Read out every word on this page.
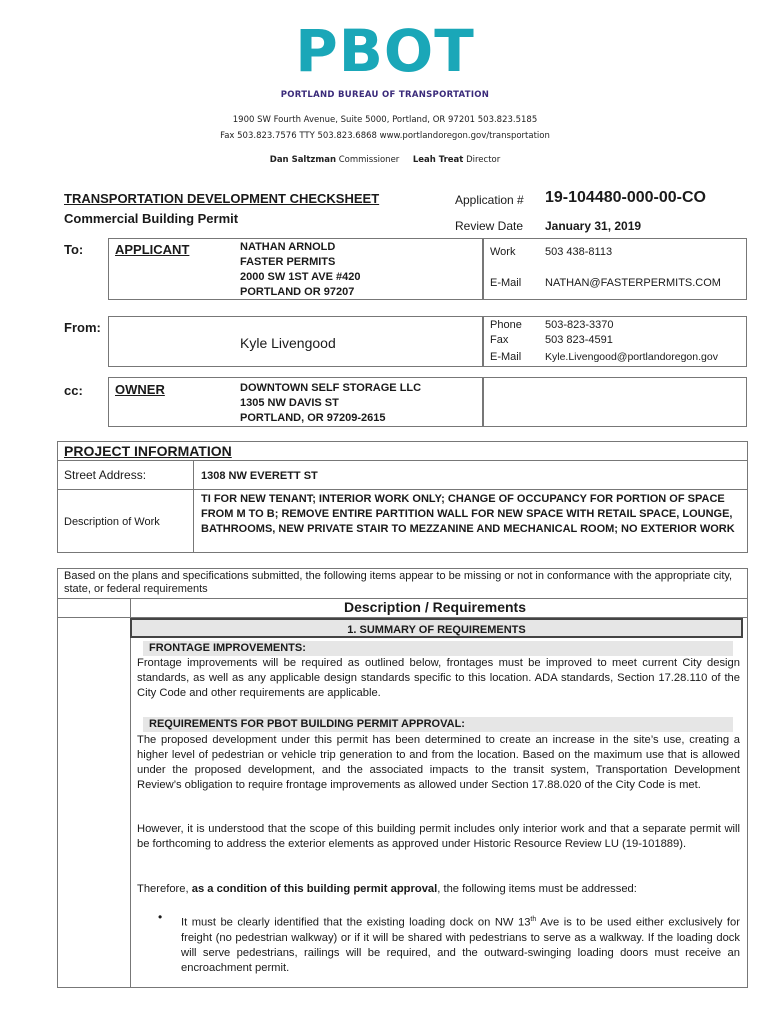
PBOT
PORTLAND BUREAU OF TRANSPORTATION
1900 SW Fourth Avenue, Suite 5000, Portland, OR 97201 503.823.5185
Fax 503.823.7576 TTY 503.823.6868 www.portlandoregon.gov/transportation
Dan Saltzman Commissioner Leah Treat Director
TRANSPORTATION DEVELOPMENT CHECKSHEET
Commercial Building Permit
Application # 19-104480-000-00-CO
Review Date January 31, 2019
To: APPLICANT	NATHAN ARNOLD
FASTER PERMITS
2000 SW 1ST AVE #420
PORTLAND OR 97207
Work	503 438-8113
E-Mail NATHAN@FASTERPERMITS.COM
From:
Kyle Livengood
Phone 503-823-3370
Fax	503 823-4591
E-Mail Kyle.Livengood@portlandoregon.gov
cc: OWNER	DOWNTOWN SELF STORAGE LLC
1305 NW DAVIS ST
PORTLAND, OR 97209-2615
PROJECT INFORMATION
Street Address:	1308 NW EVERETT ST
Description of Work
TI FOR NEW TENANT; INTERIOR WORK ONLY; CHANGE OF OCCUPANCY FOR PORTION OF SPACE FROM M TO B; REMOVE ENTIRE PARTITION WALL FOR NEW SPACE WITH RETAIL SPACE, LOUNGE, BATHROOMS, NEW PRIVATE STAIR TO MEZZANINE AND MECHANICAL ROOM; NO EXTERIOR WORK
Based on the plans and specifications submitted, the following items appear to be missing or not in conformance with the appropriate city, state, or federal requirements
Description / Requirements
1. SUMMARY OF REQUIREMENTS
FRONTAGE IMPROVEMENTS:
Frontage improvements will be required as outlined below, frontages must be improved to meet current City design standards, as well as any applicable design standards specific to this location. ADA standards, Section 17.28.110 of the City Code and other requirements are applicable.
REQUIREMENTS FOR PBOT BUILDING PERMIT APPROVAL:
The proposed development under this permit has been determined to create an increase in the site’s use, creating a higher level of pedestrian or vehicle trip generation to and from the location. Based on the maximum use that is allowed under the proposed development, and the associated impacts to the transit system, Transportation Development Review’s obligation to require frontage improvements as allowed under Section 17.88.020 of the City Code is met.
However, it is understood that the scope of this building permit includes only interior work and that a separate permit will be forthcoming to address the exterior elements as approved under Historic Resource Review LU (19-101889).
Therefore, as a condition of this building permit approval, the following items must be addressed:
• It must be clearly identified that the existing loading dock on NW 13th Ave is to be used either exclusively for freight (no pedestrian walkway) or if it will be shared with pedestrians to serve as a walkway. If the loading dock will serve pedestrians, railings will be required, and the outward-swinging loading doors must receive an encroachment permit.
